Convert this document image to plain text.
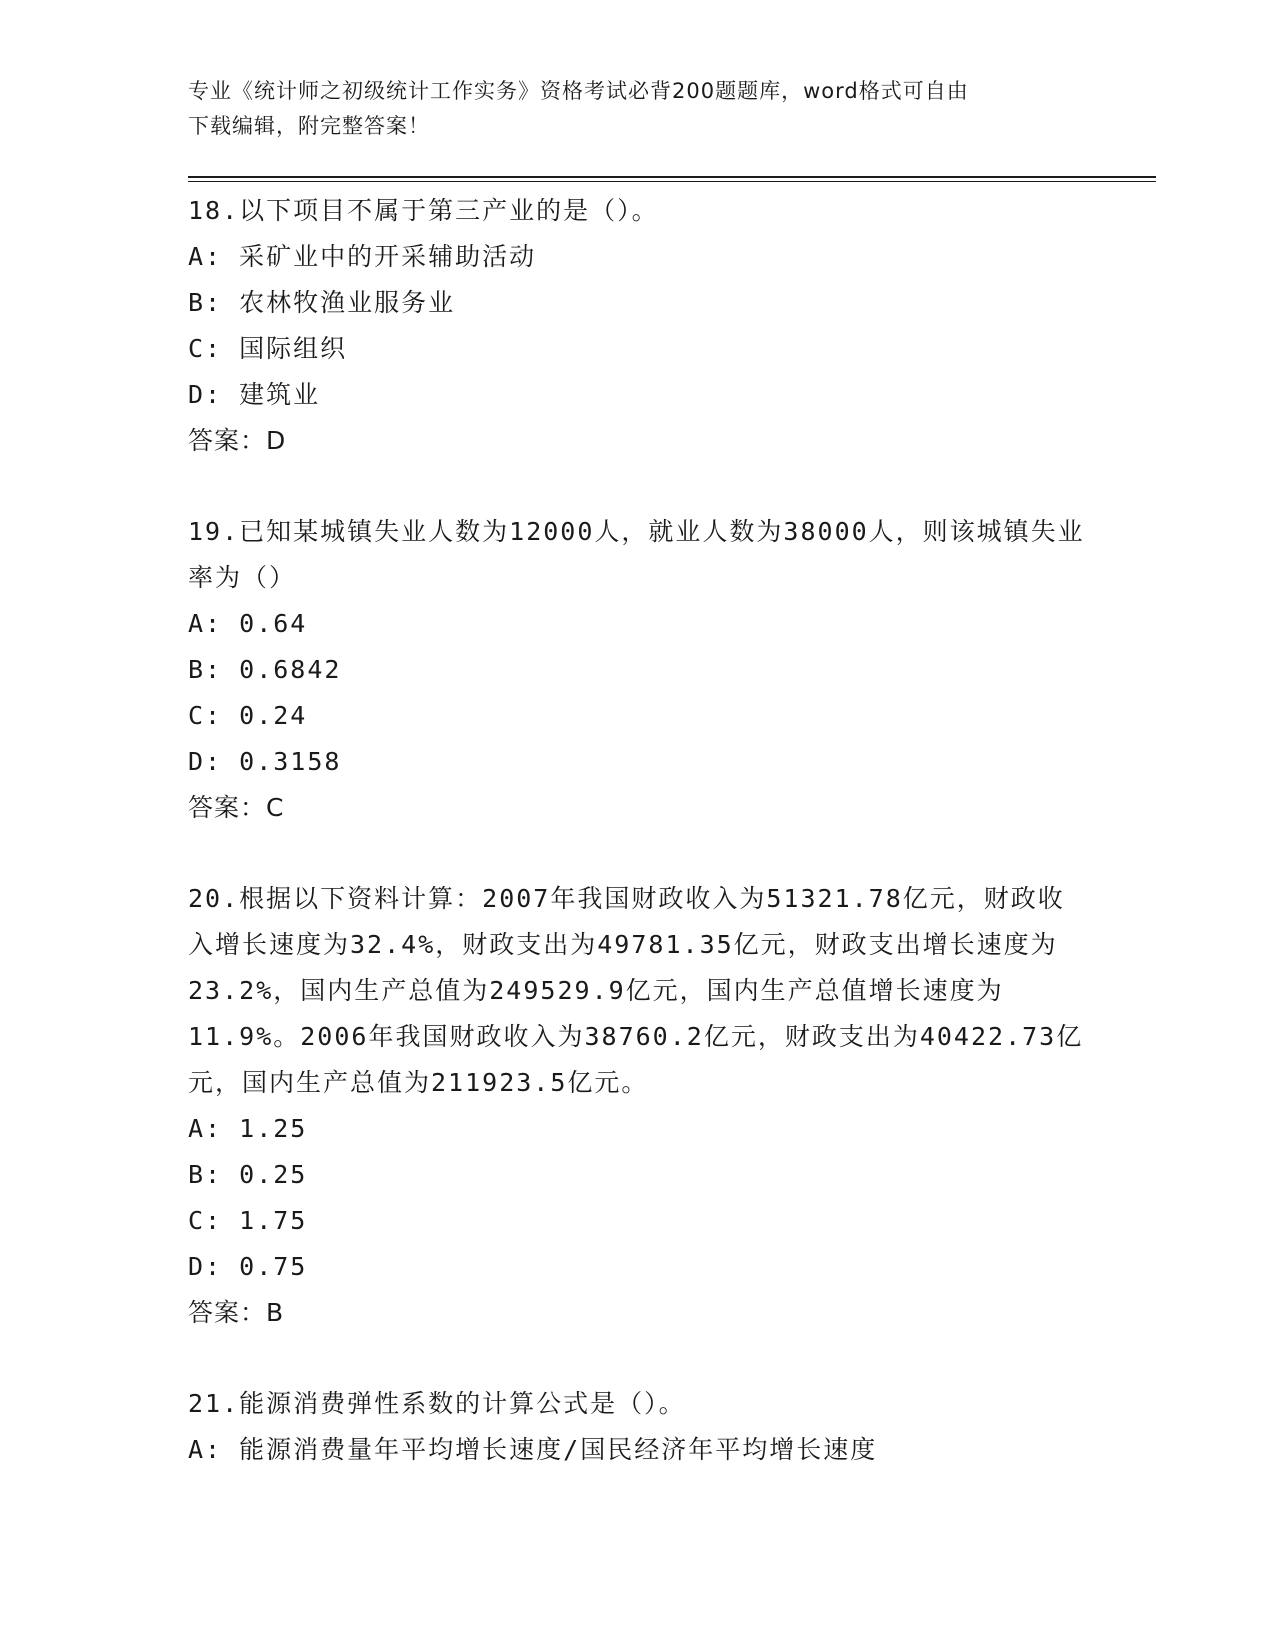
专业《统计师之初级统计工作实务》资格考试必背200题题库，word格式可自由
下载编辑，附完整答案！

18.以下项目不属于第三产业的是（）。

A: 采矿业中的开采辅助活动

B: 农林牧渔业服务业

C: 国际组织

D: 建筑业

答案：D

19.已知某城镇失业人数为12000人，就业人数为38000人，则该城镇失业率为（）

A: 0.64

B: 0.6842

C: 0.24

D: 0.3158

答案：C

20.根据以下资料计算：2007年我国财政收入为51321.78亿元，财政收入增长速度为32.4%，财政支出为49781.35亿元，财政支出增长速度为23.2%，国内生产总值为249529.9亿元，国内生产总值增长速度为11.9%。2006年我国财政收入为38760.2亿元，财政支出为40422.73亿元，国内生产总值为211923.5亿元。

A: 1.25

B: 0.25

C: 1.75

D: 0.75

答案：B

21.能源消费弹性系数的计算公式是（）。

A: 能源消费量年平均增长速度/国民经济年平均增长速度
